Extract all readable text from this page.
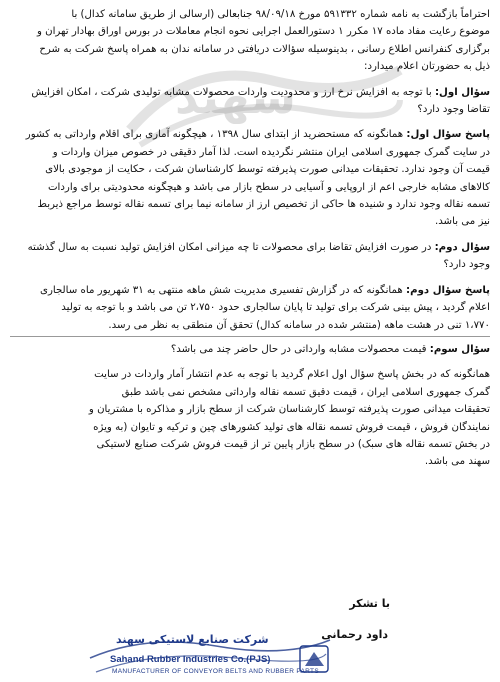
سهند

احتراماً بازگشت به نامه شماره ۵۹۱۳۳۲ مورخ ۹۸/۰۹/۱۸ جنابعالی (ارسالی از طریق سامانه کدال) با

موضوع رعایت مفاد ماده ۱۷ مکرر ۱ دستورالعمل اجرایی نحوه انجام معاملات در بورس اوراق بهادار تهران و

برگزاری کنفرانس اطلاع رسانی ، بدینوسیله سؤالات دریافتی در سامانه ندان به همراه پاسخ شرکت به شرح

ذیل به حضورتان اعلام میدارد:

سؤال اول: با توجه به افزایش نرخ ارز و محدودیت واردات محصولات مشابه تولیدی شرکت ، امکان افزایش

تقاضا وجود دارد؟

پاسخ سؤال اول: همانگونه که مستحضرید از ابتدای سال ۱۳۹۸ ، هیچگونه آماری برای اقلام وارداتی به کشور

در سایت گمرک جمهوری اسلامی ایران منتشر نگردیده است. لذا آمار دقیقی در خصوص میزان واردات و

قیمت آن وجود ندارد. تحقیقات میدانی صورت پذیرفته توسط کارشناسان شرکت ، حکایت از موجودی بالای

کالاهای مشابه خارجی اعم از اروپایی و آسیایی در سطح بازار می باشد و هیچگونه محدودیتی برای واردات

تسمه نقاله وجود ندارد و شنیده ها حاکی از تخصیص ارز از سامانه نیما برای تسمه نقاله توسط مراجع ذیربط

نیز می باشد.

سؤال دوم: در صورت افزایش تقاضا برای محصولات تا چه میزانی امکان افزایش تولید نسبت به سال گذشته

وجود دارد؟

پاسخ سؤال دوم: همانگونه که در گزارش تفسیری مدیریت شش ماهه منتهی به ۳۱ شهریور ماه سالجاری

اعلام گردید ، پیش بینی شرکت برای تولید تا پایان سالجاری حدود ۲،۷۵۰ تن می باشد و با توجه به تولید

۱،۷۷۰ تنی در هشت ماهه (منتشر شده در سامانه کدال) تحقق آن منطقی به نظر می رسد.

سؤال سوم: قیمت محصولات مشابه وارداتی در حال حاضر چند می باشد؟

همانگونه که در بخش پاسخ سؤال اول اعلام گردید با توجه به عدم انتشار آمار واردات در سایت

گمرک جمهوری اسلامی ایران ، قیمت دقیق تسمه نقاله وارداتی مشخص نمی باشد طبق

تحقیقات میدانی صورت پذیرفته توسط کارشناسان شرکت از سطح بازار و مذاکره با مشتریان و

نمایندگان فروش ، قیمت فروش تسمه نقاله های تولید کشورهای چین و ترکیه و تایوان (به ویژه

در بخش تسمه نقاله های سبک) در سطح بازار پایین تر از قیمت فروش شرکت صنایع لاستیکی

سهند می باشد.

با تشکر
داود رحمانی
شرکت صنایع لاستیکی سهند
Sahand Rubber Industries Co.(PJS)
MANUFACTURER OF CONVEYOR BELTS AND RUBBER PARTS
